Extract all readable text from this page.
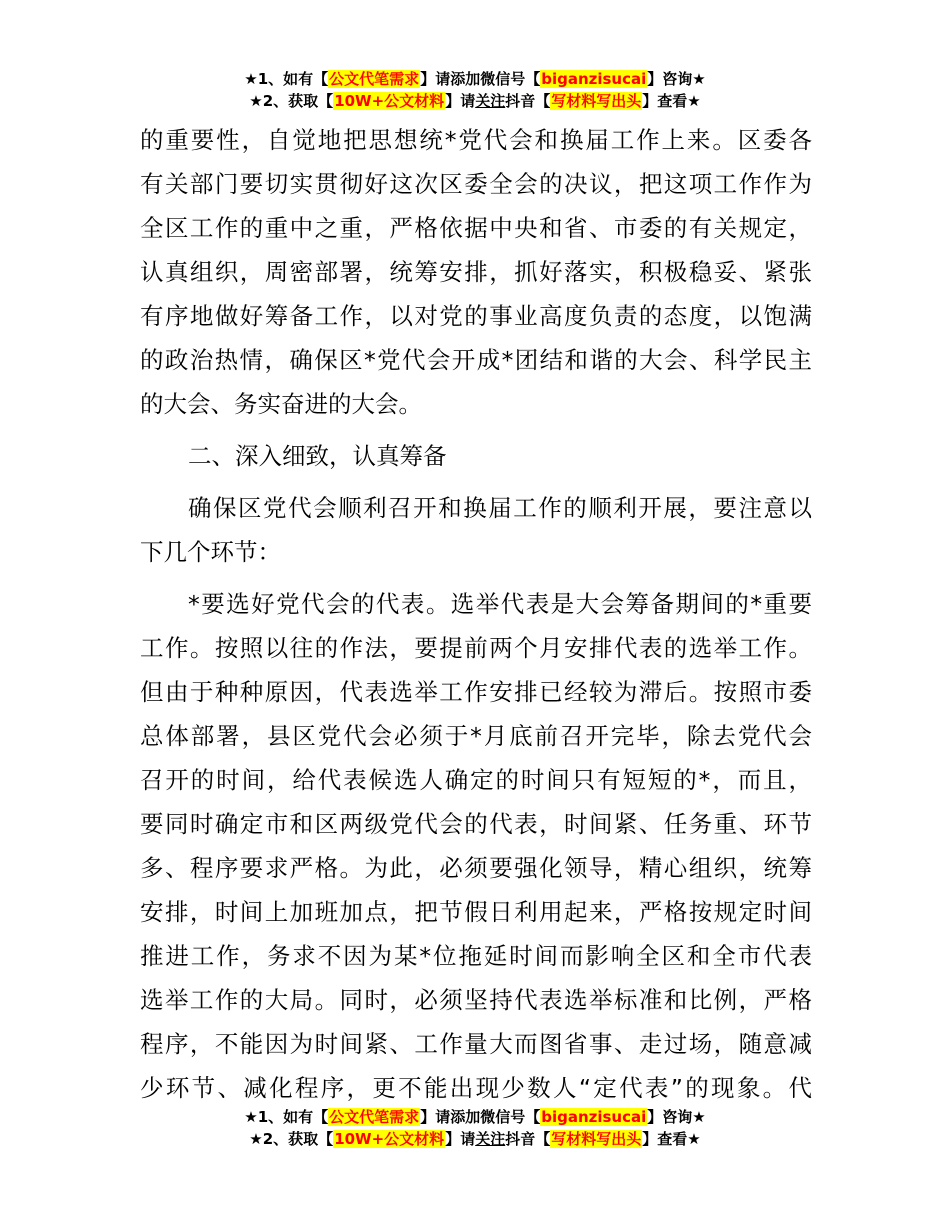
★1、如有【公文代笔需求】请添加微信号【biganzisucai】咨询★
★2、获取【10W+公文材料】请关注抖音【写材料写出头】查看★
的重要性，自觉地把思想统*党代会和换届工作上来。区委各
有关部门要切实贯彻好这次区委全会的决议，把这项工作作为
全区工作的重中之重，严格依据中央和省、市委的有关规定，
认真组织，周密部署，统筹安排，抓好落实，积极稳妥、紧张
有序地做好筹备工作，以对党的事业高度负责的态度，以饱满
的政治热情，确保区*党代会开成*团结和谐的大会、科学民主
的大会、务实奋进的大会。
二、深入细致，认真筹备
确保区党代会顺利召开和换届工作的顺利开展，要注意以
下几个环节：
*要选好党代会的代表。选举代表是大会筹备期间的*重要
工作。按照以往的作法，要提前两个月安排代表的选举工作。
但由于种种原因，代表选举工作安排已经较为滞后。按照市委
总体部署，县区党代会必须于*月底前召开完毕，除去党代会
召开的时间，给代表候选人确定的时间只有短短的*，而且，
要同时确定市和区两级党代会的代表，时间紧、任务重、环节
多、程序要求严格。为此，必须要强化领导，精心组织，统筹
安排，时间上加班加点，把节假日利用起来，严格按规定时间
推进工作，务求不因为某*位拖延时间而影响全区和全市代表
选举工作的大局。同时，必须坚持代表选举标准和比例，严格
程序，不能因为时间紧、工作量大而图省事、走过场，随意减
少环节、减化程序，更不能出现少数人“定代表”的现象。代
★1、如有【公文代笔需求】请添加微信号【biganzisucai】咨询★
★2、获取【10W+公文材料】请关注抖音【写材料写出头】查看★
